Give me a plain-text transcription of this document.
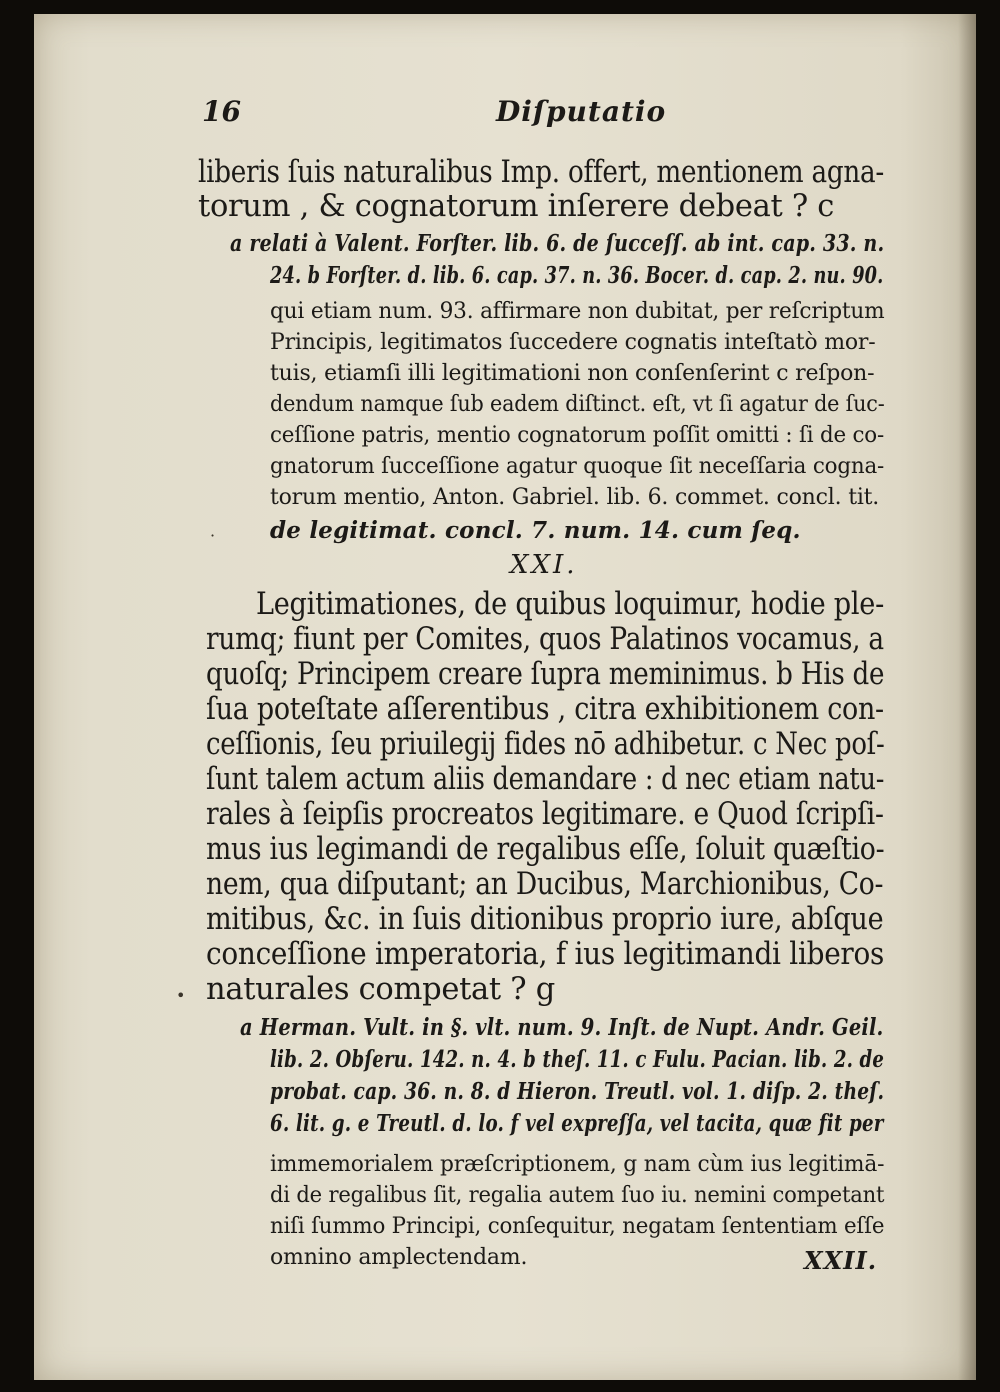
16	Diſputatio
liberis ſuis naturalibus Imp. offert, mentionem agna-
torum , & cognatorum inſerere debeat ? c
a relati à Valent. Forſter. lib. 6. de ſucceſſ. ab int. cap. 33. n.
24. b Forſter. d. lib. 6. cap. 37. n. 36. Bocer. d. cap. 2. nu. 90.
qui etiam num. 93. affirmare non dubitat, per reſcriptum
Principis, legitimatos ſuccedere cognatis inteſtatò mor-
tuis, etiamſi illi legitimationi non conſenſerint c reſpon-
dendum namque ſub eadem diſtinct. eſt, vt ſi agatur de ſuc-
ceſſione patris, mentio cognatorum poſſit omitti : ſi de co-
gnatorum ſucceſſione agatur quoque ſit neceſſaria cogna-
torum mentio, Anton. Gabriel. lib. 6. commet. concl. tit.
de legitimat. concl. 7. num. 14. cum ſeq.
XXI.
Legitimationes, de quibus loquimur, hodie ple-
rumq; fiunt per Comites, quos Palatinos vocamus, a
quoſq; Principem creare ſupra meminimus. b His de
ſua poteſtate aſſerentibus , citra exhibitionem con-
ceſſionis, ſeu priuilegij fides nō adhibetur. c Nec poſ-
ſunt talem actum aliis demandare : d nec etiam natu-
rales à ſeipſis procreatos legitimare. e Quod ſcripſi-
mus ius legimandi de regalibus eſſe, ſoluit quæſtio-
nem, qua diſputant; an Ducibus, Marchionibus, Co-
mitibus, &c. in ſuis ditionibus proprio iure, abſque
conceſſione imperatoria, f ius legitimandi liberos
naturales competat ? g
a Herman. Vult. in §. vlt. num. 9. Inſt. de Nupt. Andr. Geil.
lib. 2. Obſeru. 142. n. 4. b theſ. 11. c Fulu. Pacian. lib. 2. de
probat. cap. 36. n. 8. d Hieron. Treutl. vol. 1. diſp. 2. theſ.
6. lit. g. e Treutl. d. lo. f vel expreſſa, vel tacita, quæ fit per
immemorialem præſcriptionem, g nam cùm ius legitimā-
di de regalibus ſit, regalia autem ſuo iu. nemini competant
niſi ſummo Principi, conſequitur, negatam ſententiam eſſe
omnino amplectendam.	XXII.
•
·
